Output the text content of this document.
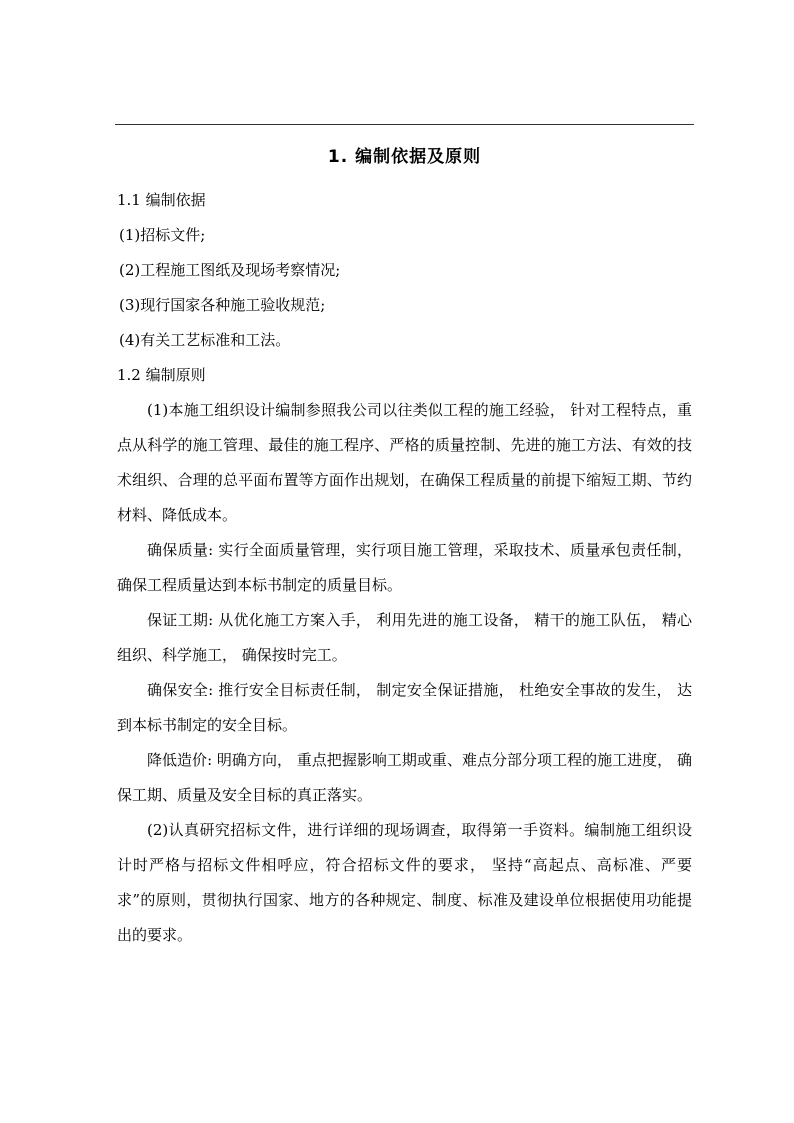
1. 编制依据及原则

1.1 编制依据

(1)招标文件;

(2)工程施工图纸及现场考察情况;

(3)现行国家各种施工验收规范;

(4)有关工艺标准和工法。

1.2 编制原则

(1)本施工组织设计编制参照我公司以往类似工程的施工经验， 针对工程特点，重点从科学的施工管理、最佳的施工程序、严格的质量控制、先进的施工方法、有效的技术组织、合理的总平面布置等方面作出规划，在确保工程质量的前提下缩短工期、节约材料、降低成本。

确保质量: 实行全面质量管理，实行项目施工管理，采取技术、质量承包责任制，确保工程质量达到本标书制定的质量目标。

保证工期: 从优化施工方案入手， 利用先进的施工设备， 精干的施工队伍， 精心组织、科学施工， 确保按时完工。

确保安全: 推行安全目标责任制， 制定安全保证措施， 杜绝安全事故的发生， 达到本标书制定的安全目标。

降低造价: 明确方向， 重点把握影响工期或重、难点分部分项工程的施工进度， 确保工期、质量及安全目标的真正落实。

(2)认真研究招标文件，进行详细的现场调查，取得第一手资料。编制施工组织设计时严格与招标文件相呼应，符合招标文件的要求， 坚持“高起点、高标准、严要求”的原则，贯彻执行国家、地方的各种规定、制度、标准及建设单位根据使用功能提出的要求。
